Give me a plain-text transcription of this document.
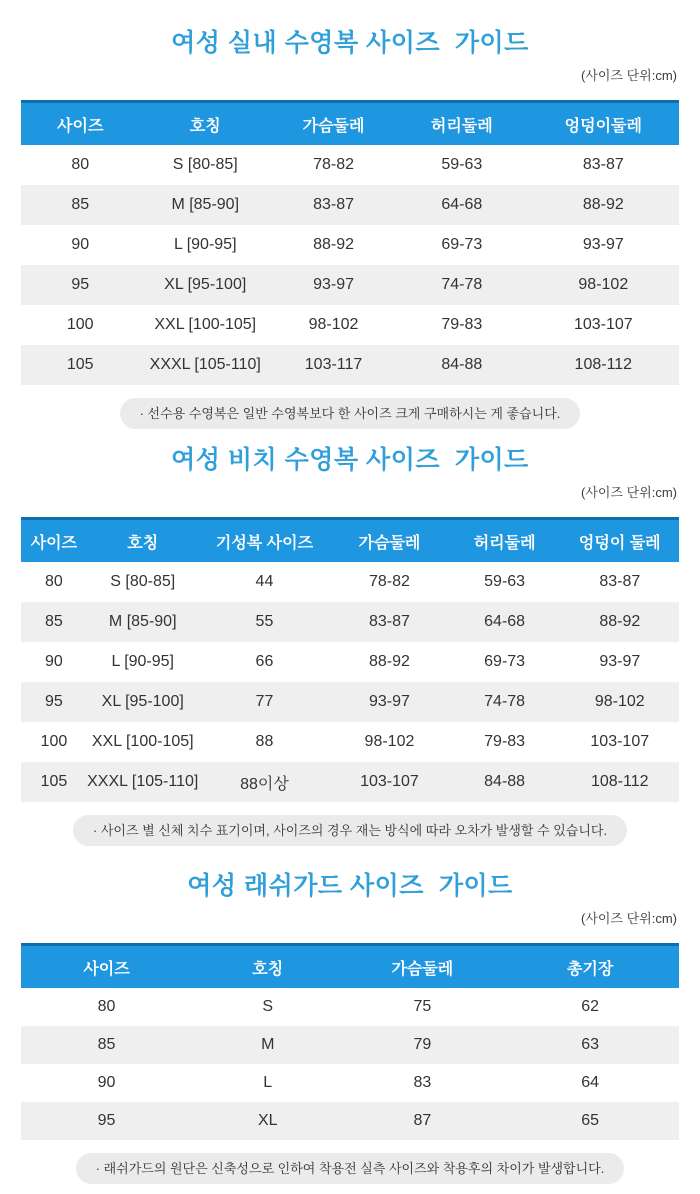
여성 실내 수영복 사이즈  가이드
(사이즈 단위:cm)
사이즈	호칭	가슴둘레	허리둘레	엉덩이둘레
80	S [80-85]	78-82	59-63	83-87
85	M [85-90]	83-87	64-68	88-92
90	L [90-95]	88-92	69-73	93-97
95	XL [95-100]	93-97	74-78	98-102
100	XXL [100-105]	98-102	79-83	103-107
105	XXXL [105-110]	103-117	84-88	108-112
· 선수용 수영복은 일반 수영복보다 한 사이즈 크게 구매하시는 게 좋습니다.
여성 비치 수영복 사이즈  가이드
(사이즈 단위:cm)
사이즈	호칭	기성복 사이즈	가슴둘레	허리둘레	엉덩이 둘레
80	S [80-85]	44	78-82	59-63	83-87
85	M [85-90]	55	83-87	64-68	88-92
90	L [90-95]	66	88-92	69-73	93-97
95	XL [95-100]	77	93-97	74-78	98-102
100	XXL [100-105]	88	98-102	79-83	103-107
105	XXXL [105-110]	88이상	103-107	84-88	108-112
· 사이즈 별 신체 치수 표기이며, 사이즈의 경우 재는 방식에 따라 오차가 발생할 수 있습니다.
여성 래쉬가드 사이즈  가이드
(사이즈 단위:cm)
사이즈	호칭	가슴둘레	총기장
80	S	75	62
85	M	79	63
90	L	83	64
95	XL	87	65
· 래쉬가드의 원단은 신축성으로 인하여 착용전 실측 사이즈와 착용후의 차이가 발생합니다.
